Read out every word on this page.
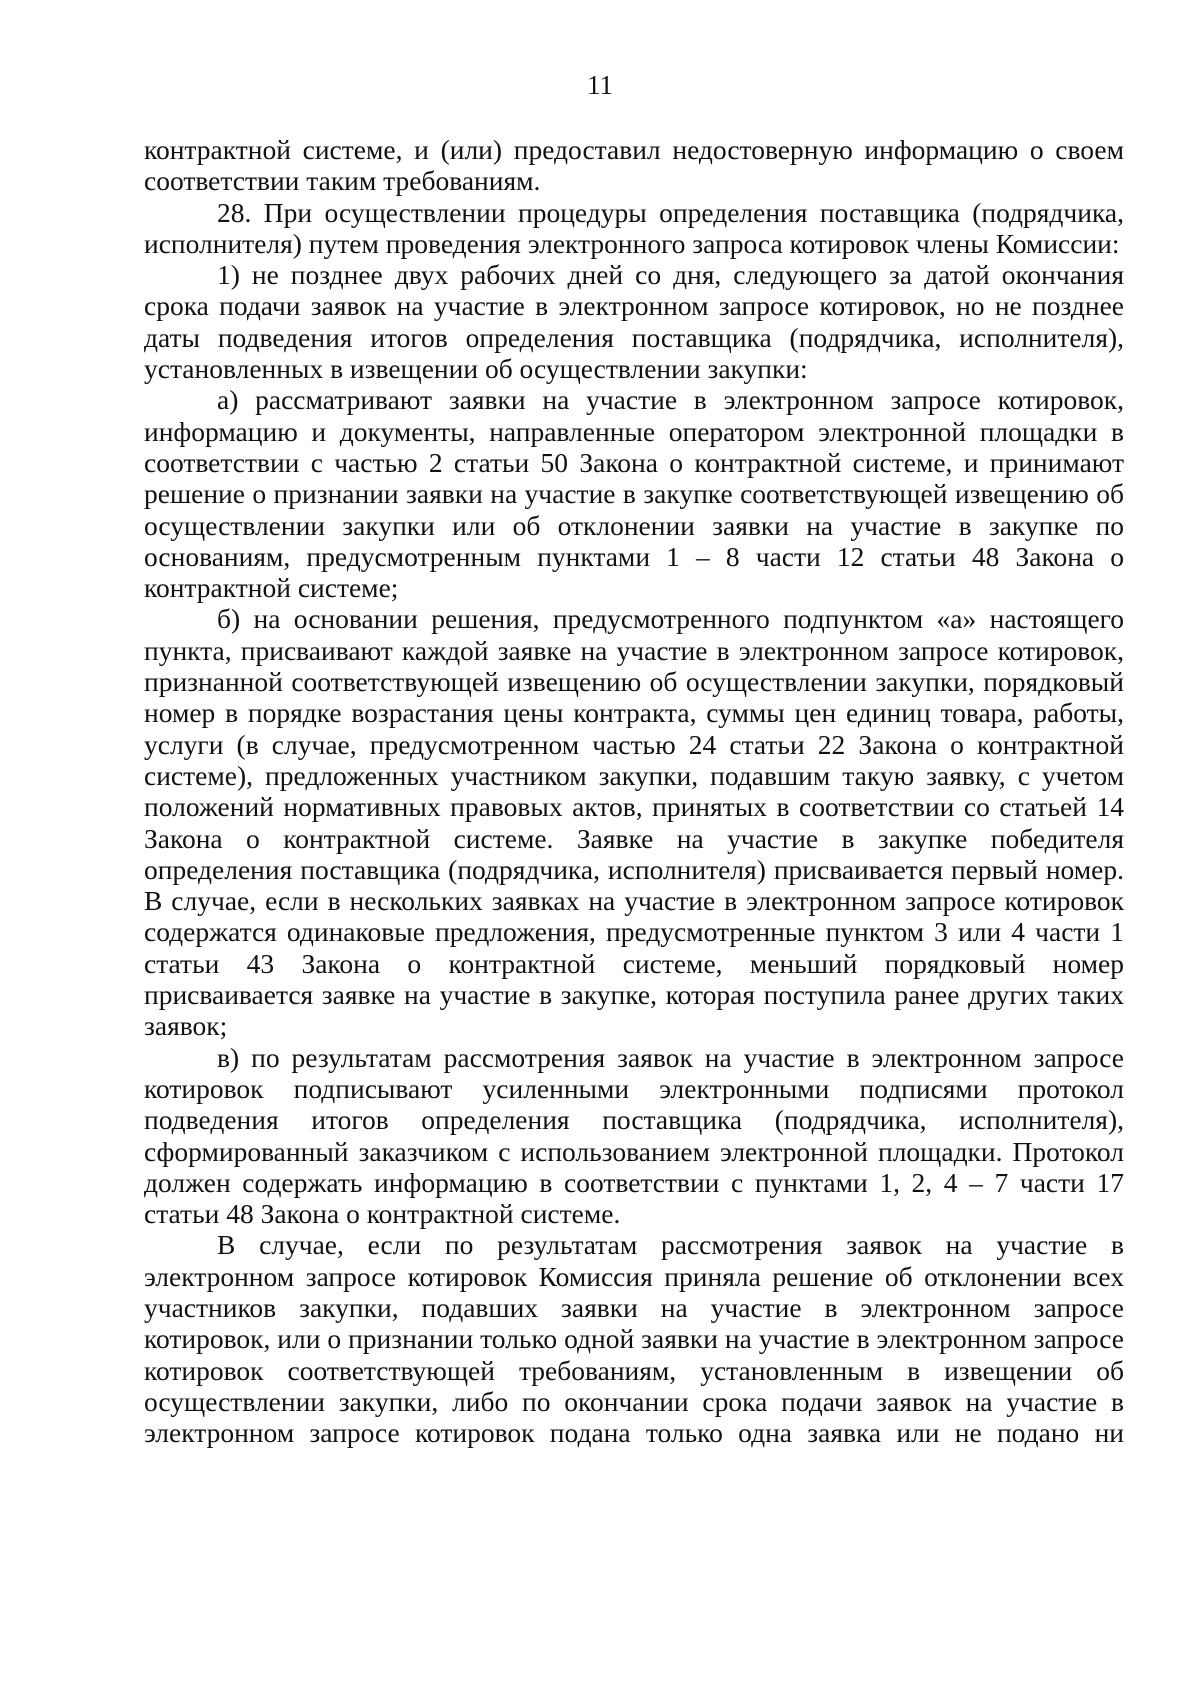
11

контрактной системе, и (или) предоставил недостоверную информацию о своем соответствии таким требованиям.

28. При осуществлении процедуры определения поставщика (подрядчика, исполнителя) путем проведения электронного запроса котировок члены Комиссии:

1) не позднее двух рабочих дней со дня, следующего за датой окончания срока подачи заявок на участие в электронном запросе котировок, но не позднее даты подведения итогов определения поставщика (подрядчика, исполнителя), установленных в извещении об осуществлении закупки:

а) рассматривают заявки на участие в электронном запросе котировок, информацию и документы, направленные оператором электронной площадки в соответствии с частью 2 статьи 50 Закона о контрактной системе, и принимают решение о признании заявки на участие в закупке соответствующей извещению об осуществлении закупки или об отклонении заявки на участие в закупке по основаниям, предусмотренным пунктами 1 – 8 части 12 статьи 48 Закона о контрактной системе;

б) на основании решения, предусмотренного подпунктом «а» настоящего пункта, присваивают каждой заявке на участие в электронном запросе котировок, признанной соответствующей извещению об осуществлении закупки, порядковый номер в порядке возрастания цены контракта, суммы цен единиц товара, работы, услуги (в случае, предусмотренном частью 24 статьи 22 Закона о контрактной системе), предложенных участником закупки, подавшим такую заявку, с учетом положений нормативных правовых актов, принятых в соответствии со статьей 14 Закона о контрактной системе. Заявке на участие в закупке победителя определения поставщика (подрядчика, исполнителя) присваивается первый номер. В случае, если в нескольких заявках на участие в электронном запросе котировок содержатся одинаковые предложения, предусмотренные пунктом 3 или 4 части 1 статьи 43 Закона о контрактной системе, меньший порядковый номер присваивается заявке на участие в закупке, которая поступила ранее других таких заявок;

в) по результатам рассмотрения заявок на участие в электронном запросе котировок подписывают усиленными электронными подписями протокол подведения итогов определения поставщика (подрядчика, исполнителя), сформированный заказчиком с использованием электронной площадки. Протокол должен содержать информацию в соответствии с пунктами 1, 2, 4 – 7 части 17 статьи 48 Закона о контрактной системе.

В случае, если по результатам рассмотрения заявок на участие в электронном запросе котировок Комиссия приняла решение об отклонении всех участников закупки, подавших заявки на участие в электронном запросе котировок, или о признании только одной заявки на участие в электронном запросе котировок соответствующей требованиям, установленным в извещении об осуществлении закупки, либо по окончании срока подачи заявок на участие в электронном запросе котировок подана только одна заявка или не подано ни
